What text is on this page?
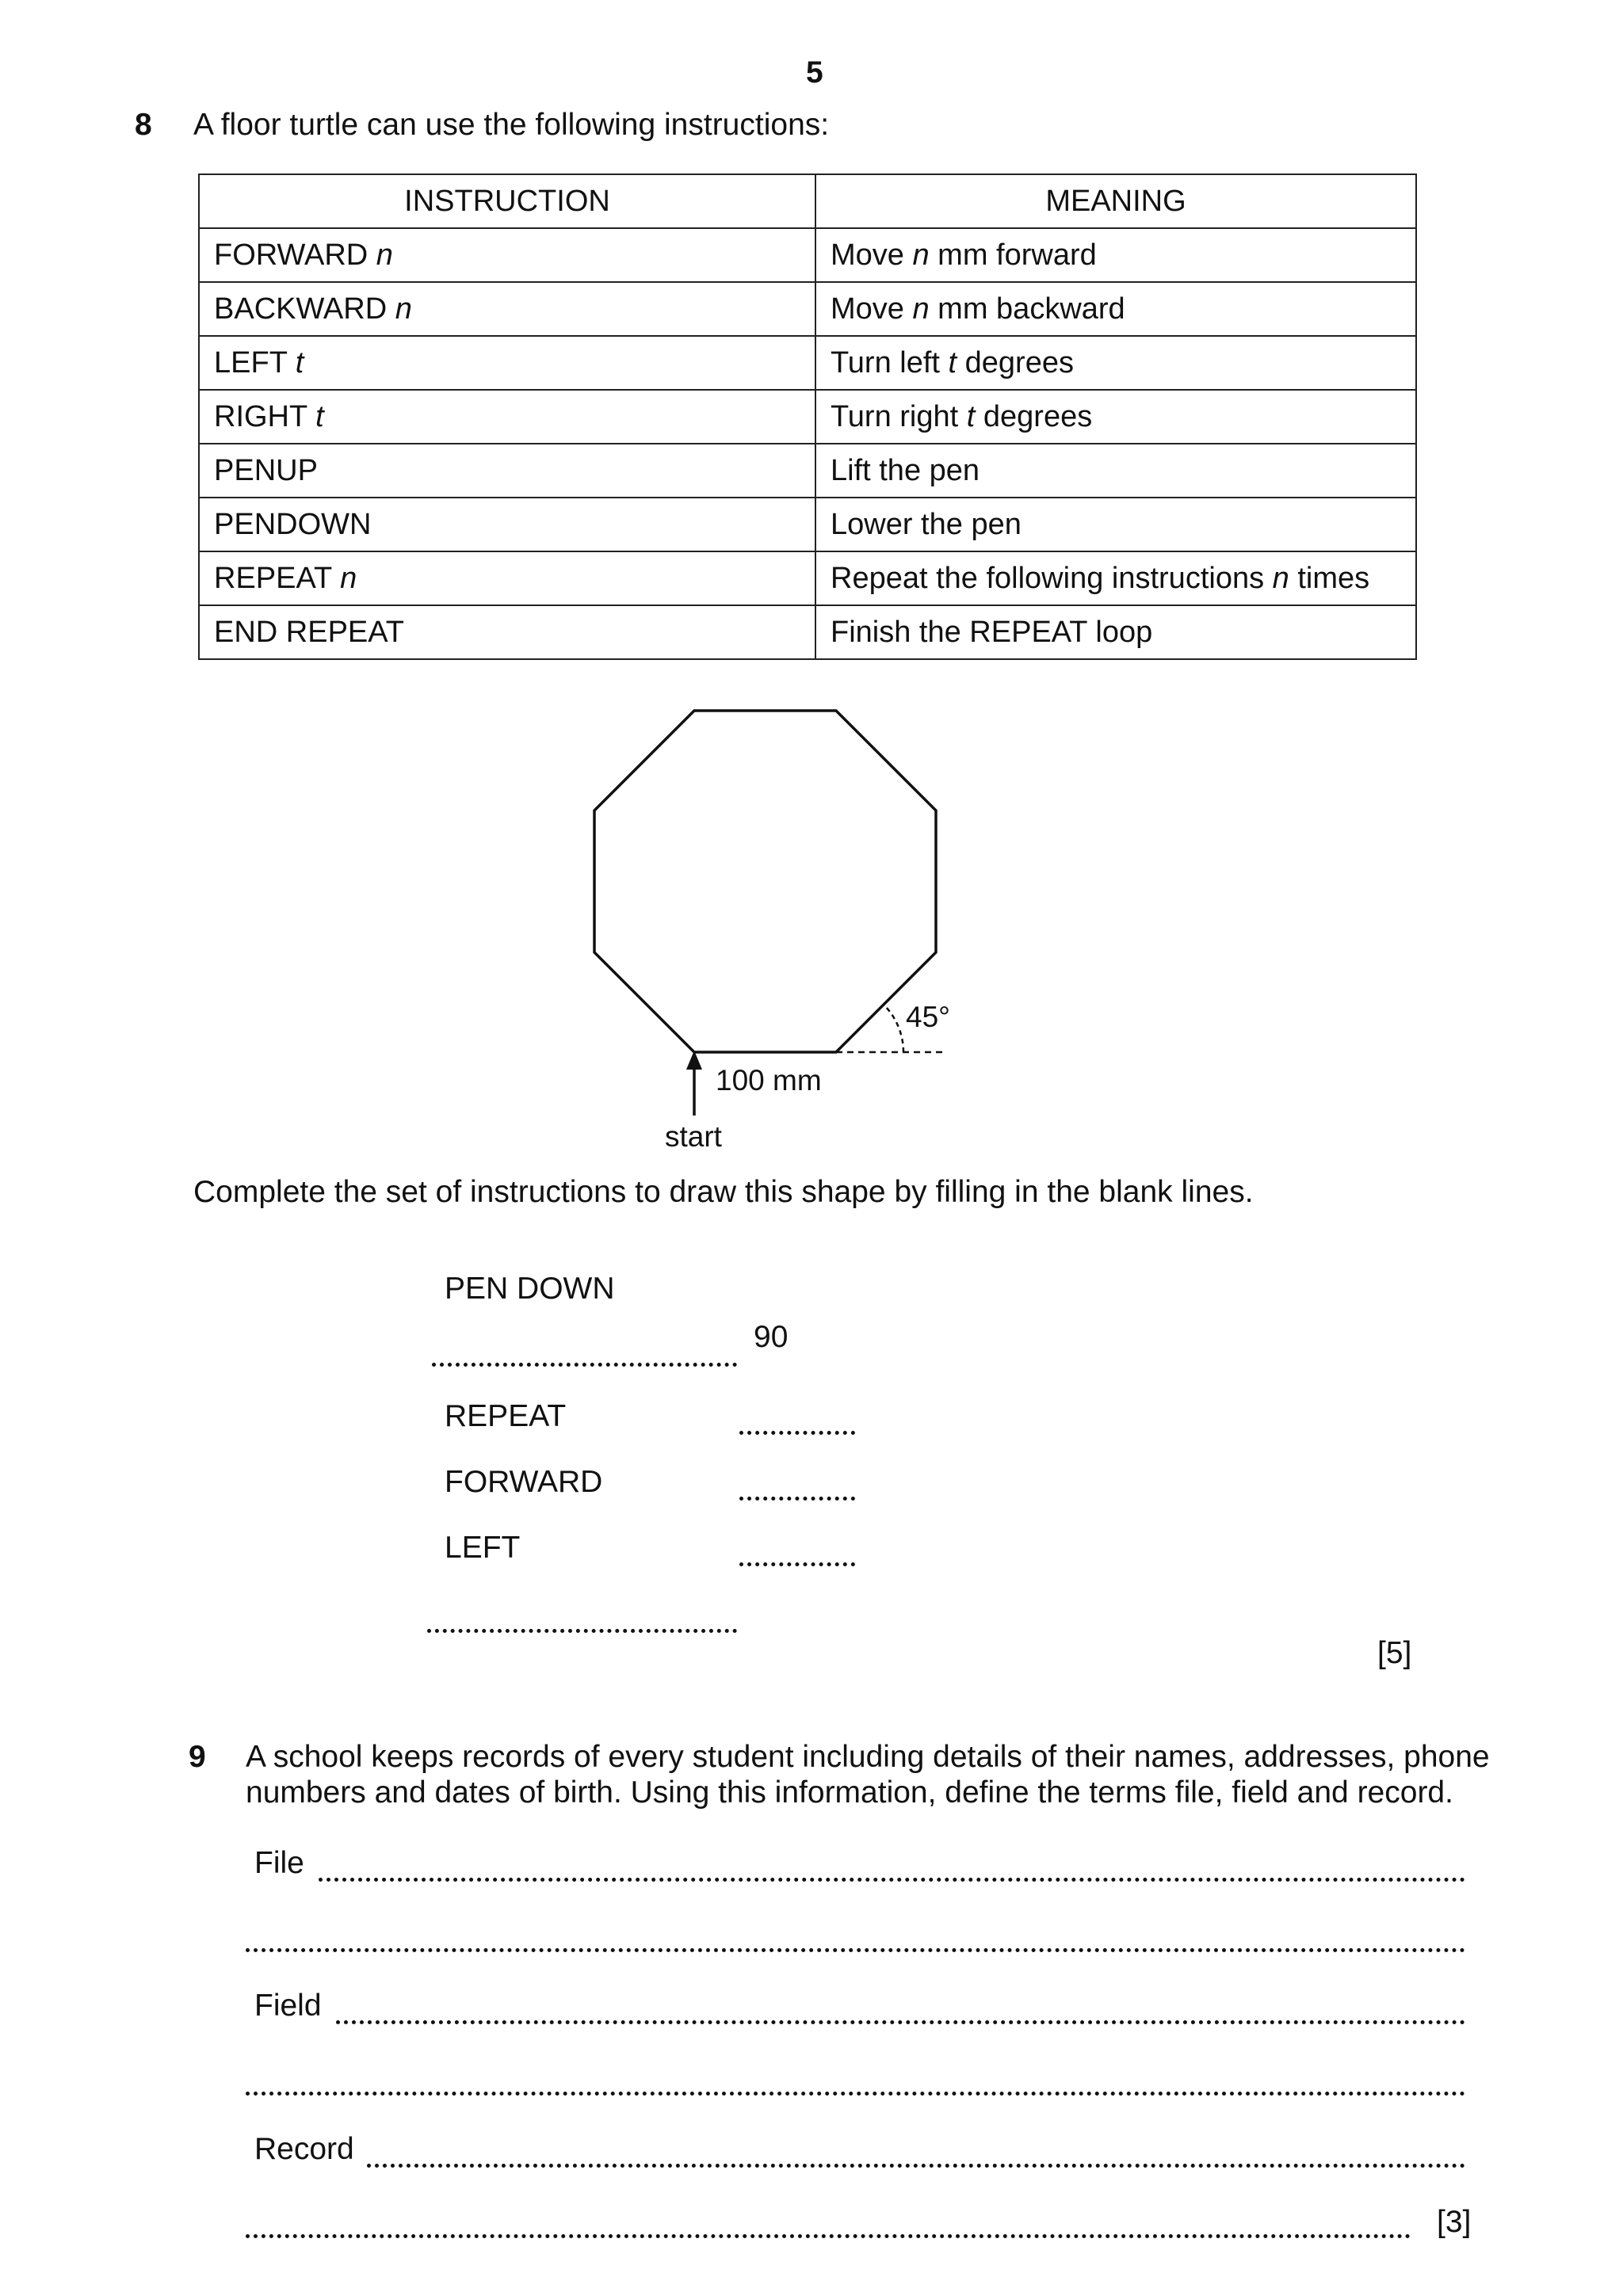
5
8 A floor turtle can use the following instructions:
INSTRUCTION	MEANING
FORWARD n	Move n mm forward
BACKWARD n	Move n mm backward
LEFT t	Turn left t degrees
RIGHT t	Turn right t degrees
PENUP	Lift the pen
PENDOWN	Lower the pen
REPEAT n	Repeat the following instructions n times
END REPEAT	Finish the REPEAT loop
45°
100 mm
start
Complete the set of instructions to draw this shape by filling in the blank lines.
PEN DOWN
90
REPEAT
FORWARD
LEFT
[5]
9 A school keeps records of every student including details of their names, addresses, phone
numbers and dates of birth. Using this information, define the terms file, field and record.
File
Field
Record
[3]
